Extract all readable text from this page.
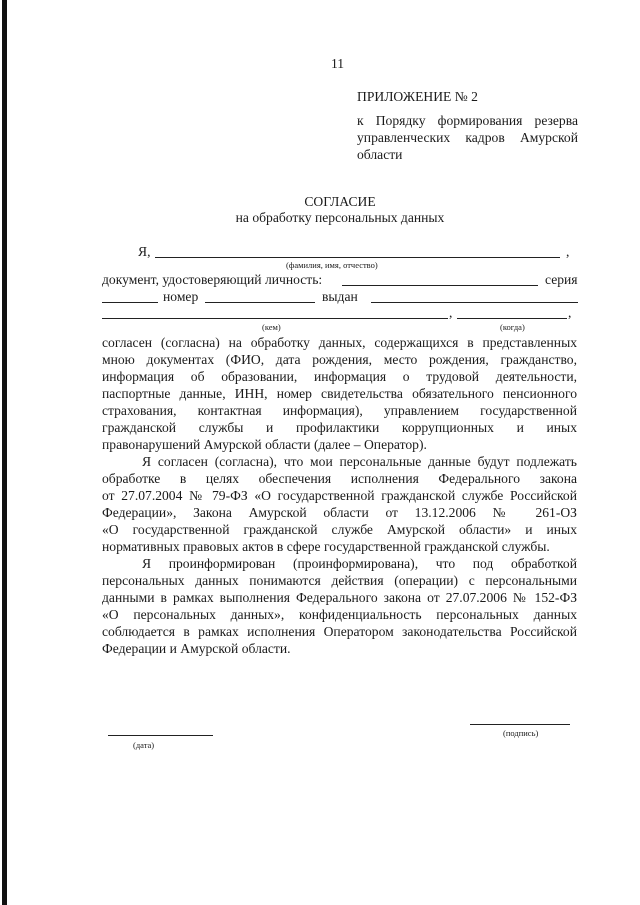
11
ПРИЛОЖЕНИЕ № 2
к Порядку формирования резерва
управленческих кадров Амурской
области
СОГЛАСИЕ
на обработку персональных данных
Я,	,
(фамилия, имя, отчество)
документ, удостоверяющий личность:	серия
номер	выдан
,	,
(кем)	(когда)
согласен (согласна) на обработку данных, содержащихся в представленных
мною документах (ФИО, дата рождения, место рождения, гражданство,
информация об образовании, информация о трудовой деятельности,
паспортные данные, ИНН, номер свидетельства обязательного пенсионного
страхования, контактная информация), управлением государственной
гражданской службы и профилактики коррупционных и иных
правонарушений Амурской области (далее – Оператор).
Я согласен (согласна), что мои персональные данные будут подлежать
обработке в целях обеспечения исполнения Федерального закона
от 27.07.2004 № 79-ФЗ «О государственной гражданской службе Российской
Федерации», Закона Амурской области от 13.12.2006 № 261-ОЗ
«О государственной гражданской службе Амурской области» и иных
нормативных правовых актов в сфере государственной гражданской службы.
Я проинформирован (проинформирована), что под обработкой
персональных данных понимаются действия (операции) с персональными
данными в рамках выполнения Федерального закона от 27.07.2006 № 152-ФЗ
«О персональных данных», конфиденциальность персональных данных
соблюдается в рамках исполнения Оператором законодательства Российской
Федерации и Амурской области.
(дата)
(подпись)
